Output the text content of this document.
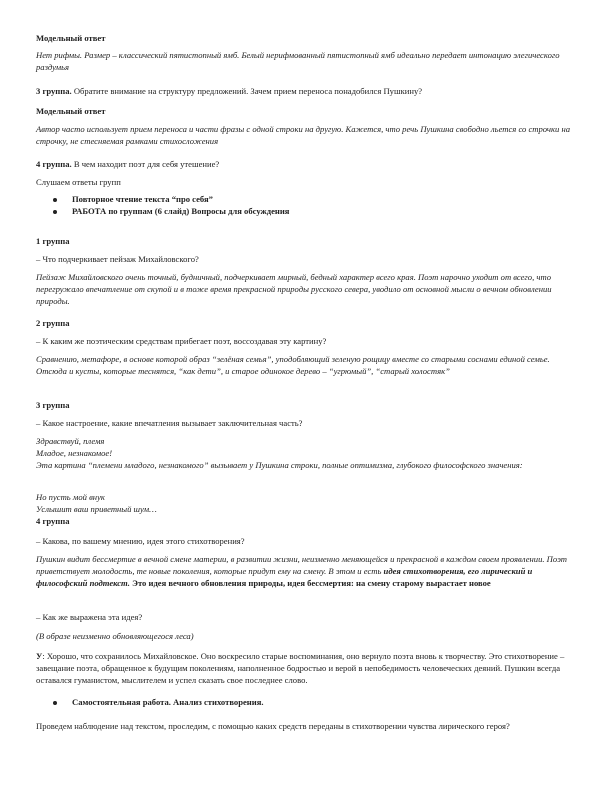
Модельный ответ

Нет рифмы. Размер – классический пятистопный ямб. Белый нерифмованный пятистопный ямб идеально передает интонацию элегического раздумья

3 группа. Обратите внимание на структуру предложений. Зачем прием переноса понадобился Пушкину?

Модельный ответ

Автор часто использует прием переноса и части фразы с одной строки на другую. Кажется, что речь Пушкина свободно льется со строчки на строчку, не стесняемая рамками стихосложения

4 группа. В чем находит поэт для себя утешение?

Слушаем ответы групп

Повторное чтение текста “про себя”
РАБОТА по группам (6 слайд) Вопросы для обсуждения

1 группа

– Что подчеркивает пейзаж Михайловского?

Пейзаж Михайловского очень точный, будничный, подчеркивает мирный, бедный характер всего края. Поэт нарочно уходит от всего, что перегружало впечатление от скупой и в тоже время прекрасной природы русского севера, уводило от основной мысли о вечном обновлении природы.

2 группа

– К каким же поэтическим средствам прибегает поэт, воссоздавая эту картину?

Сравнению, метафоре, в основе которой образ “зелёная семья”, уподобляющий зеленую рощицу вместе со старыми соснами единой семье. Отсюда и кусты, которые теснятся, “как дети”, и старое одинокое дерево – “угрюмый”, “старый холостяк”

3 группа

– Какое настроение, какие впечатления вызывает заключительная часть?

Здравствуй, племя
Младое, незнакомое!

Эта картина “племени младого, незнакомого” вызывает у Пушкина строки, полные оптимизма, глубокого философского значения:

Но пусть мой внук
Услышит ваш приветный шум…

4 группа

– Какова, по вашему мнению, идея этого стихотворения?

Пушкин видит бессмертие в вечной смене материи, в развитии жизни, неизменно меняющейся и прекрасной в каждом своем проявлении. Поэт приветствует молодость, те новые поколения, которые придут ему на смену. В этом и есть идея стихотворения, его лирический и философский подтекст. Это идея вечного обновления природы, идея бессмертия: на смену старому вырастает новое

– Как же выражена эта идея?

(В образе неизменно обновляющегося леса)

У: Хорошо, что сохранилось Михайловское. Оно воскресило старые воспоминания, оно вернуло поэта вновь к творчеству. Это стихотворение – завещание поэта, обращенное к будущим поколениям, наполненное бодростью и верой в непобедимость человеческих деяний. Пушкин всегда оставался гуманистом, мыслителем и успел сказать свое последнее слово.

Самостоятельная работа. Анализ стихотворения.

Проведем наблюдение над текстом, проследим, с помощью каких средств переданы в стихотворении чувства лирического героя?
